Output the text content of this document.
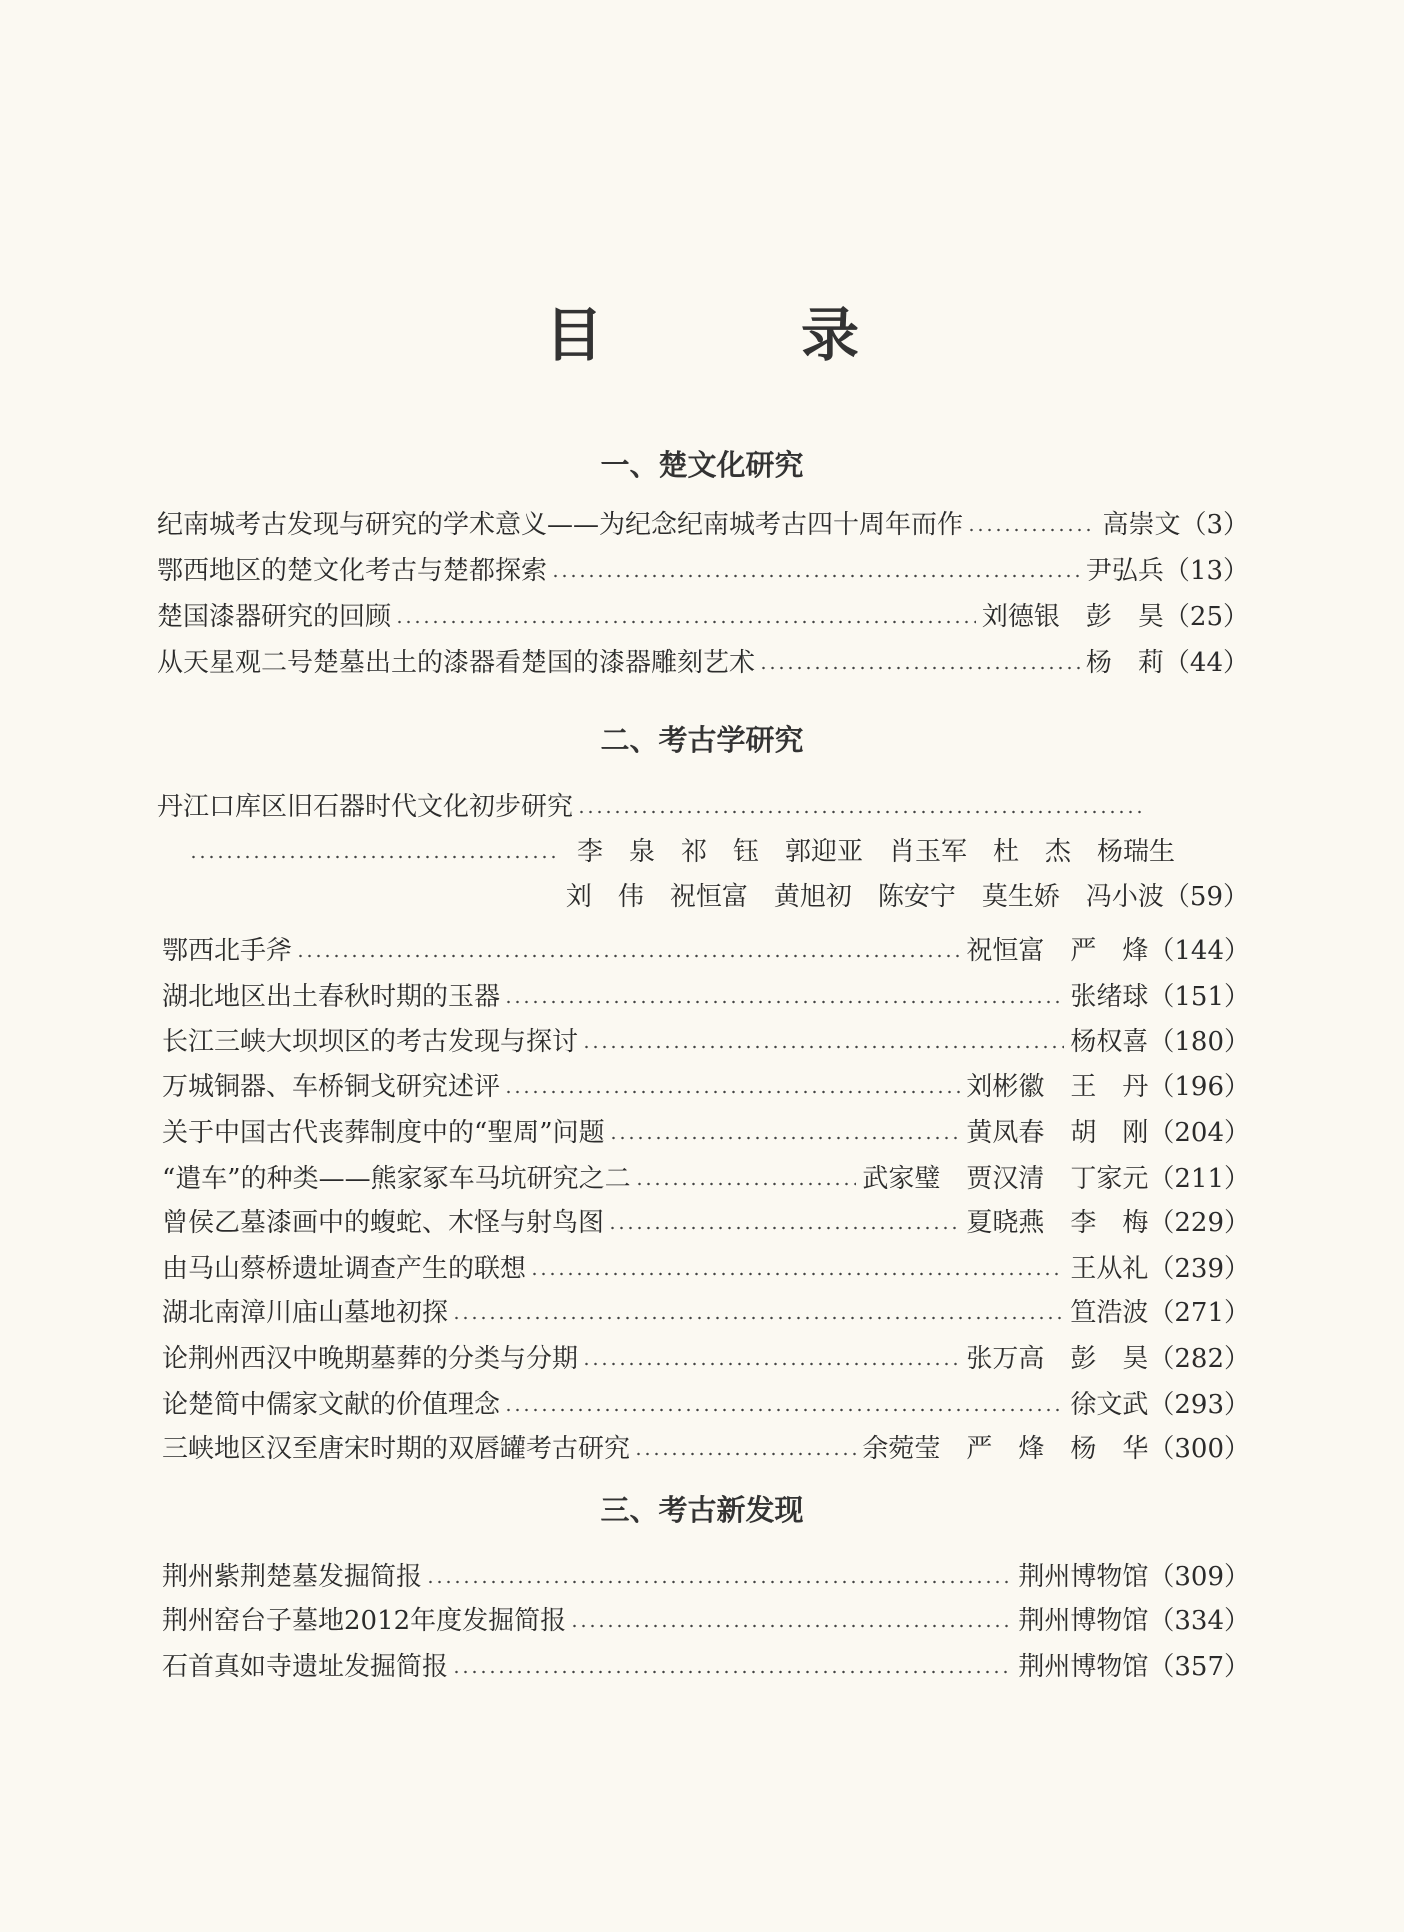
目　录
一、楚文化研究
纪南城考古发现与研究的学术意义——为纪念纪南城考古四十周年而作	高崇文 （3）
鄂西地区的楚文化考古与楚都探索	尹弘兵 （13）
楚国漆器研究的回顾	刘德银　彭　昊 （25）
从天星观二号楚墓出土的漆器看楚国的漆器雕刻艺术	杨　莉 （44）
二、考古学研究
丹江口库区旧石器时代文化初步研究
李　泉　祁　钰　郭迎亚　肖玉军　杜　杰　杨瑞生
刘　伟　祝恒富　黄旭初　陈安宁　莫生娇　冯小波 （59）
鄂西北手斧	祝恒富　严　烽 （144）
湖北地区出土春秋时期的玉器	张绪球 （151）
长江三峡大坝坝区的考古发现与探讨	杨权喜 （180）
万城铜器、车桥铜戈研究述评	刘彬徽　王　丹 （196）
关于中国古代丧葬制度中的“聖周”问题	黄凤春　胡　刚 （204）
“遣车”的种类——熊家冢车马坑研究之二	武家璧　贾汉清　丁家元 （211）
曾侯乙墓漆画中的蝮蛇、木怪与射鸟图	夏晓燕　李　梅 （229）
由马山蔡桥遗址调查产生的联想	王从礼 （239）
湖北南漳川庙山墓地初探	笪浩波 （271）
论荆州西汉中晚期墓葬的分类与分期	张万高　彭　昊 （282）
论楚简中儒家文献的价值理念	徐文武 （293）
三峡地区汉至唐宋时期的双唇罐考古研究	余菀莹　严　烽　杨　华 （300）
三、考古新发现
荆州紫荆楚墓发掘简报	荆州博物馆 （309）
荆州窑台子墓地2012年度发掘简报	荆州博物馆 （334）
石首真如寺遗址发掘简报	荆州博物馆 （357）
